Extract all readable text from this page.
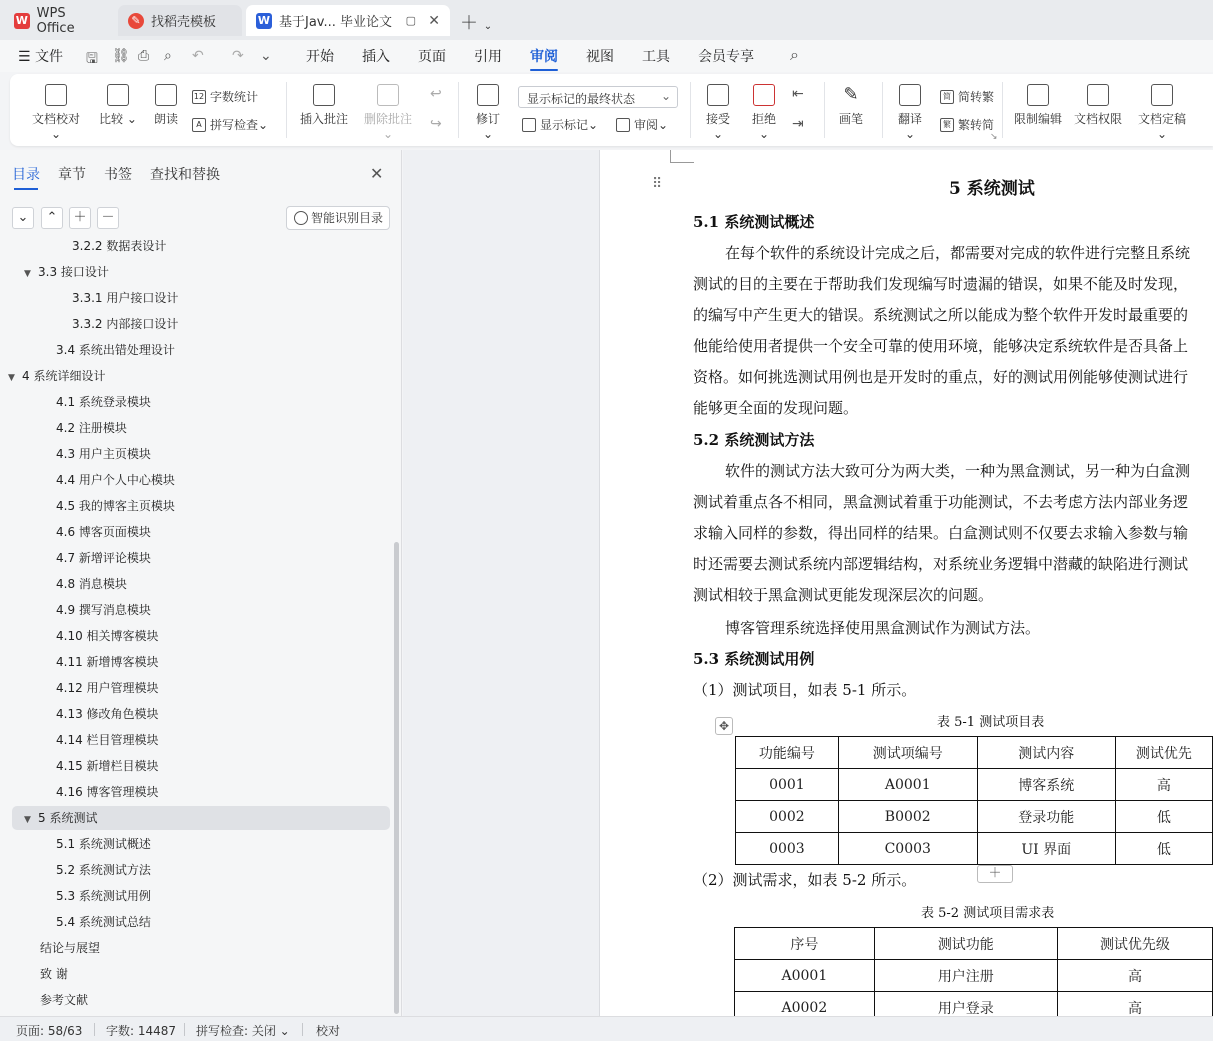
W WPS Office	✎ 找稻壳模板	W 基于Jav... 毕业论文 ▢ ✕ ＋ ⌄
☰ 文件 🖫 ⛓ ⎙ ⌕ ↶ ↷ ⌄ 开始 插入 页面 引用 审阅 视图 工具 会员专享 ⌕
文档校对 ⌄
比较 ⌄	朗读
12 字数统计
A 拼写检查 ⌄	插入批注	删除批注 ⌄
↩
↪	修订 ⌄
显示标记的最终状态 ⌄
显示标记 ⌄	审阅 ⌄	接受 ⌄
拒绝 ⌄
⇤
⇥
✎
画笔	翻译 ⌄
简 简转繁
繁 繁转简
↘
限制编辑 文档权限	文档定稿 ⌄
目录 章节 书签 查找和替换	✕
⌄	⌃	＋	－	智能识别目录
3.2.2 数据表设计
▼ 3.3 接口设计
3.3.1 用户接口设计
3.3.2 内部接口设计
3.4 系统出错处理设计
▼ 4 系统详细设计
4.1 系统登录模块
4.2 注册模块
4.3 用户主页模块
4.4 用户个人中心模块
4.5 我的博客主页模块
4.6 博客页面模块
4.7 新增评论模块
4.8 消息模块
4.9 撰写消息模块
4.10 相关博客模块
4.11 新增博客模块
4.12 用户管理模块
4.13 修改角色模块
4.14 栏目管理模块
4.15 新增栏目模块
4.16 博客管理模块
▼ 5 系统测试
5.1 系统测试概述
5.2 系统测试方法
5.3 系统测试用例
5.4 系统测试总结
结论与展望
致 谢
参考文献
⠿	5 系统测试
5.1 系统测试概述
在每个软件的系统设计完成之后，都需要对完成的软件进行完整且系统
测试的目的主要在于帮助我们发现编写时遗漏的错误，如果不能及时发现，
的编写中产生更大的错误。系统测试之所以能成为整个软件开发时最重要的
他能给使用者提供一个安全可靠的使用环境，能够决定系统软件是否具备上
资格。如何挑选测试用例也是开发时的重点，好的测试用例能够使测试进行
能够更全面的发现问题。
5.2 系统测试方法
软件的测试方法大致可分为两大类，一种为黑盒测试，另一种为白盒测
测试着重点各不相同，黑盒测试着重于功能测试，不去考虑方法内部业务逻
求输入同样的参数，得出同样的结果。白盒测试则不仅要去求输入参数与输
时还需要去测试系统内部逻辑结构，对系统业务逻辑中潜藏的缺陷进行测试
测试相较于黑盒测试更能发现深层次的问题。
博客管理系统选择使用黑盒测试作为测试方法。
5.3 系统测试用例
（1）测试项目，如表 5-1 所示。
表 5-1 测试项目表
✥
功能编号	测试项编号	测试内容	测试优先
0001	A0001	博客系统	高
0002	B0002	登录功能	低
0003	C0003	UI 界面	低
＋
（2）测试需求，如表 5-2 所示。
表 5-2 测试项目需求表
序号	测试功能	测试优先级
A0001	用户注册	高
A0002	用户登录	高
页面: 58/63 字数: 14487 拼写检查: 关闭 ⌄ 校对
